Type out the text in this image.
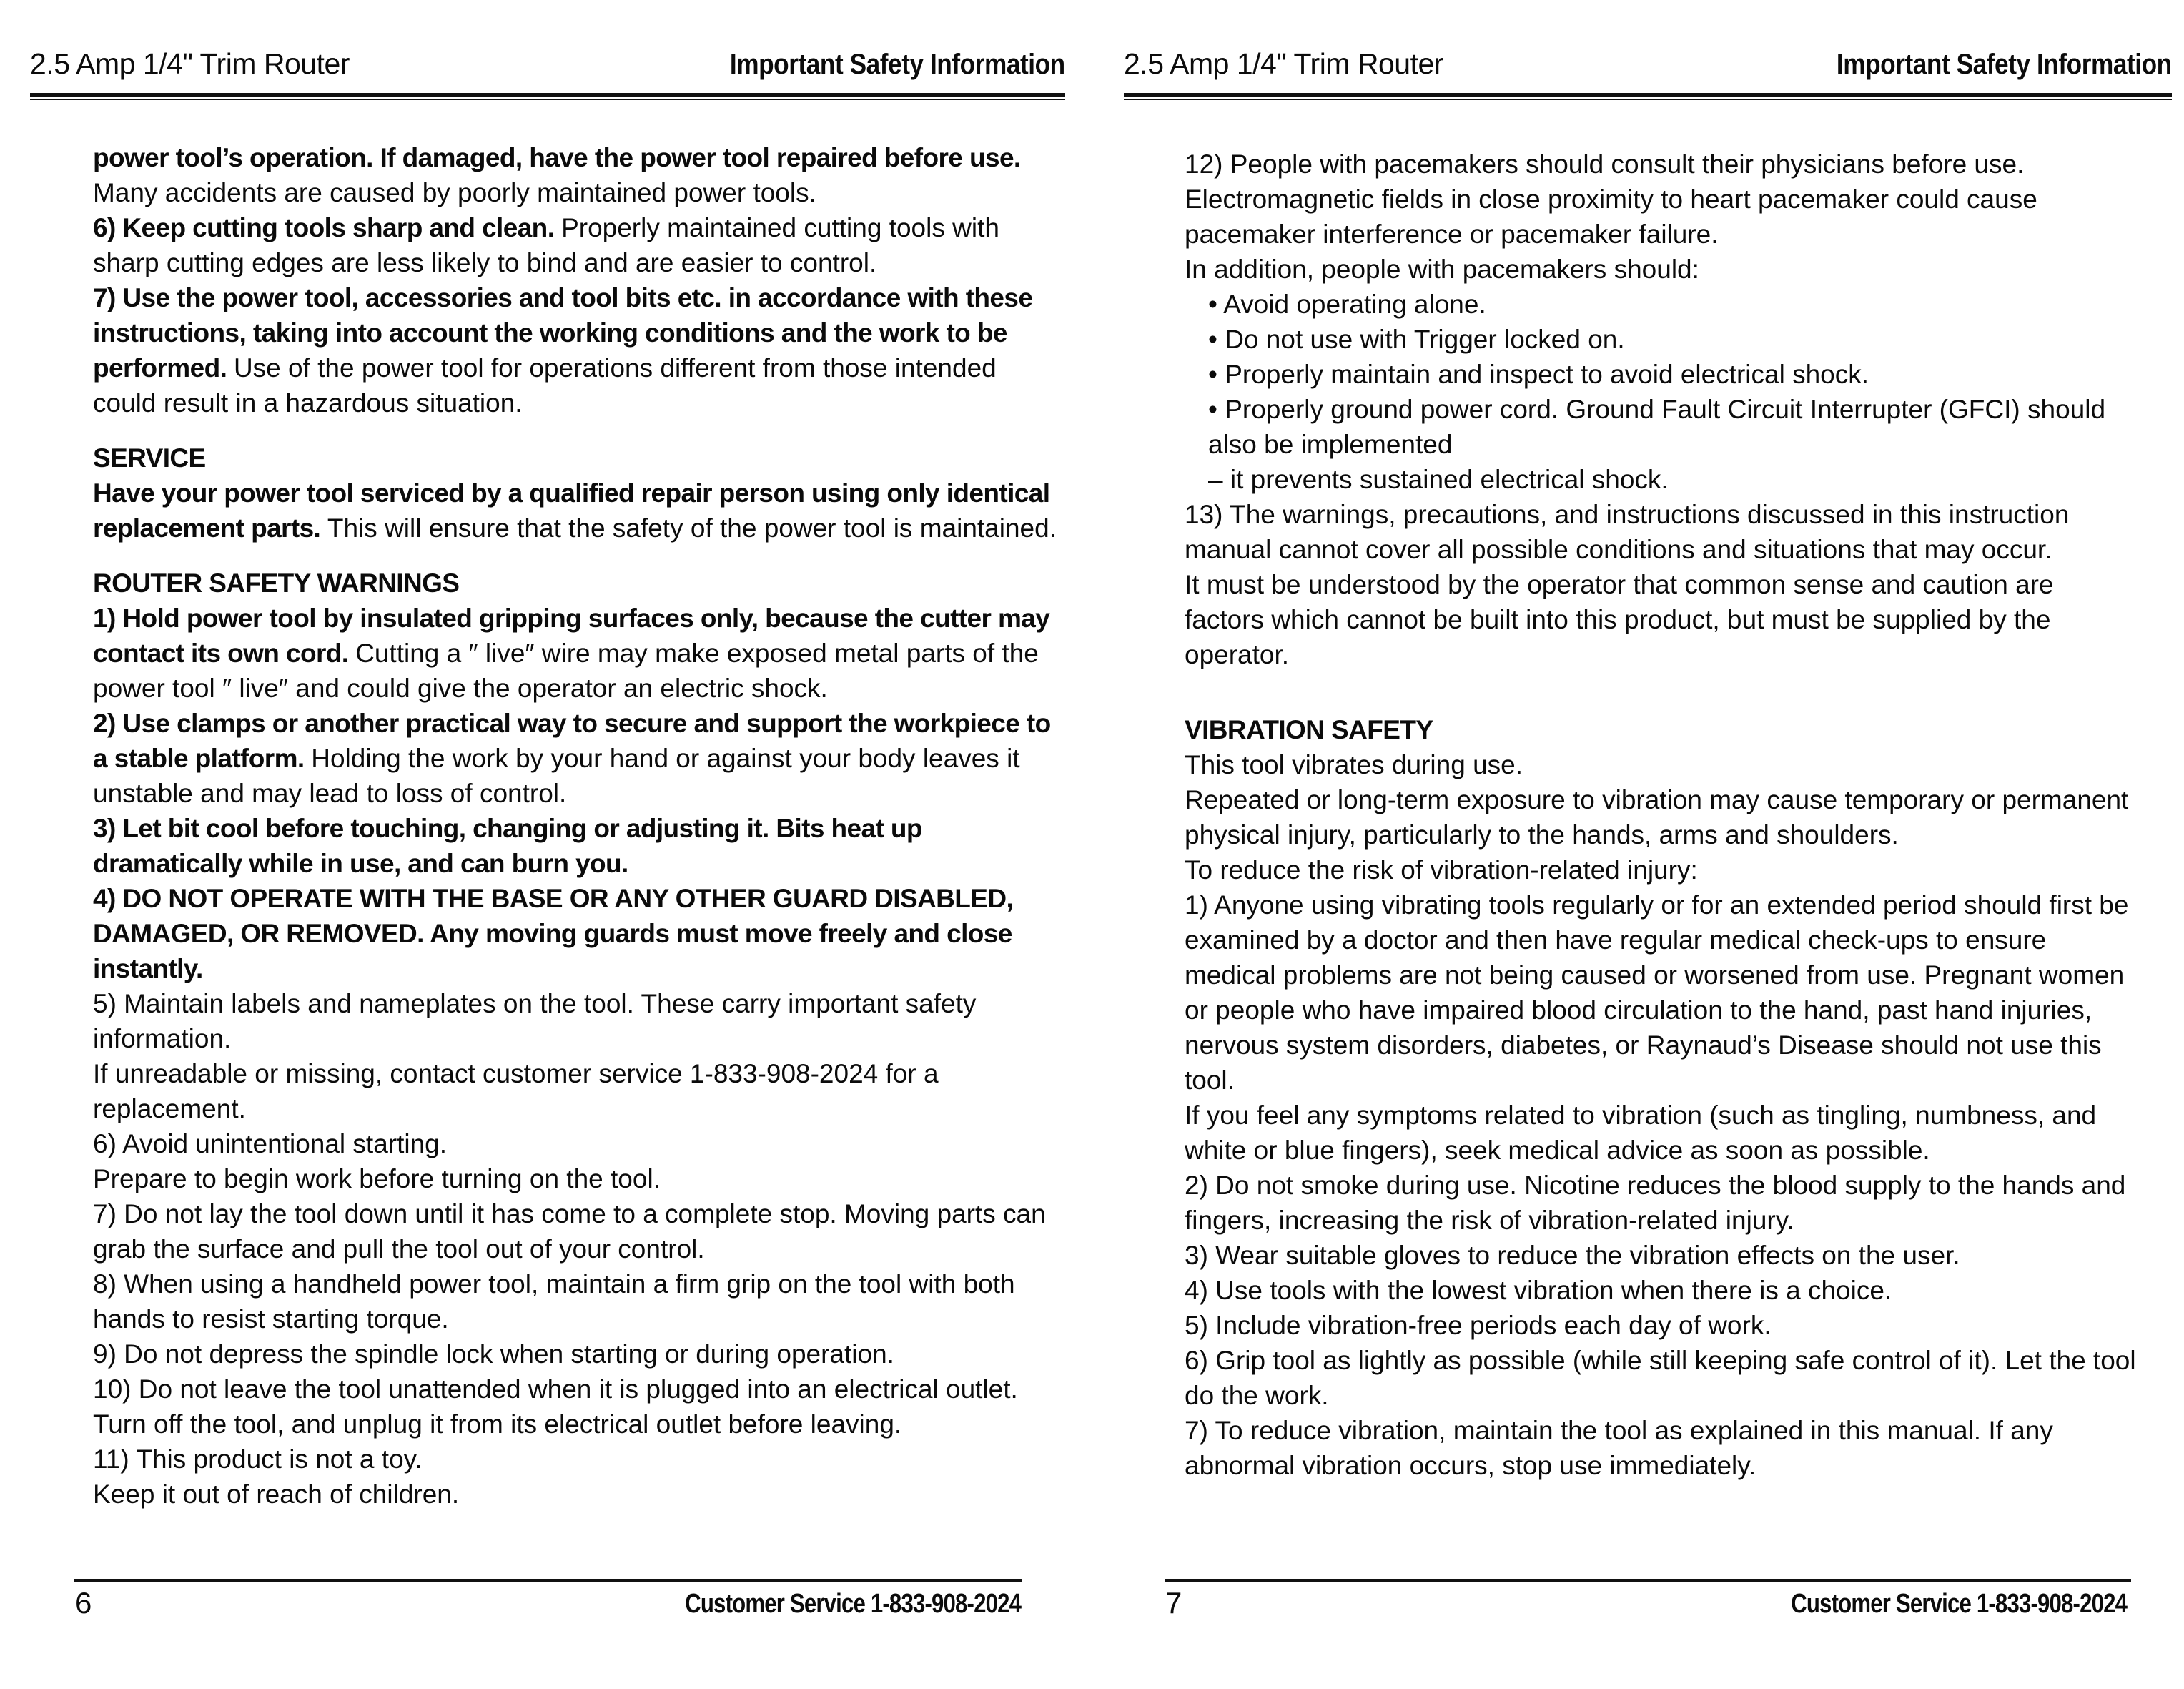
2.5 Amp 1/4" Trim Router	Important Safety Information

power tool’s operation. If damaged, have the power tool repaired before use. Many accidents are caused by poorly maintained power tools.

6) Keep cutting tools sharp and clean. Properly maintained cutting tools with sharp cutting edges are less likely to bind and are easier to control.

7) Use the power tool, accessories and tool bits etc. in accordance with these instructions, taking into account the working conditions and the work to be performed. Use of the power tool for operations different from those intended could result in a hazardous situation.

SERVICE

Have your power tool serviced by a qualified repair person using only identical replacement parts. This will ensure that the safety of the power tool is maintained.

ROUTER SAFETY WARNINGS

1) Hold power tool by insulated gripping surfaces only, because the cutter may contact its own cord. Cutting a ″ live″ wire may make exposed metal parts of the power tool ″ live″ and could give the operator an electric shock.

2) Use clamps or another practical way to secure and support the workpiece to a stable platform. Holding the work by your hand or against your body leaves it unstable and may lead to loss of control.

3) Let bit cool before touching, changing or adjusting it. Bits heat up dramatically while in use, and can burn you.

4) DO NOT OPERATE WITH THE BASE OR ANY OTHER GUARD DISABLED, DAMAGED, OR REMOVED. Any moving guards must move freely and close instantly.

5) Maintain labels and nameplates on the tool. These carry important safety information.

If unreadable or missing, contact customer service 1-833-908-2024 for a replacement.

6) Avoid unintentional starting.

Prepare to begin work before turning on the tool.

7) Do not lay the tool down until it has come to a complete stop. Moving parts can grab the surface and pull the tool out of your control.

8) When using a handheld power tool, maintain a firm grip on the tool with both hands to resist starting torque.

9) Do not depress the spindle lock when starting or during operation.

10) Do not leave the tool unattended when it is plugged into an electrical outlet. Turn off the tool, and unplug it from its electrical outlet before leaving.

11) This product is not a toy.

Keep it out of reach of children.

6	Customer Service 1-833-908-2024
2.5 Amp 1/4" Trim Router	Important Safety Information

12) People with pacemakers should consult their physicians before use.

Electromagnetic fields in close proximity to heart pacemaker could cause pacemaker interference or pacemaker failure.

In addition, people with pacemakers should:

• Avoid operating alone.

• Do not use with Trigger locked on.

• Properly maintain and inspect to avoid electrical shock.

• Properly ground power cord. Ground Fault Circuit Interrupter (GFCI) should also be implemented

– it prevents sustained electrical shock.

13) The warnings, precautions, and instructions discussed in this instruction manual cannot cover all possible conditions and situations that may occur.

It must be understood by the operator that common sense and caution are factors which cannot be built into this product, but must be supplied by the operator.

VIBRATION SAFETY

This tool vibrates during use.

Repeated or long-term exposure to vibration may cause temporary or permanent physical injury, particularly to the hands, arms and shoulders.

To reduce the risk of vibration-related injury:

1) Anyone using vibrating tools regularly or for an extended period should first be examined by a doctor and then have regular medical check-ups to ensure medical problems are not being caused or worsened from use. Pregnant women or people who have impaired blood circulation to the hand, past hand injuries, nervous system disorders, diabetes, or Raynaud’s Disease should not use this tool.

If you feel any symptoms related to vibration (such as tingling, numbness, and white or blue fingers), seek medical advice as soon as possible.

2) Do not smoke during use. Nicotine reduces the blood supply to the hands and fingers, increasing the risk of vibration-related injury.

3) Wear suitable gloves to reduce the vibration effects on the user.

4) Use tools with the lowest vibration when there is a choice.

5) Include vibration-free periods each day of work.

6) Grip tool as lightly as possible (while still keeping safe control of it). Let the tool do the work.

7) To reduce vibration, maintain the tool as explained in this manual. If any abnormal vibration occurs, stop use immediately.

7	Customer Service 1-833-908-2024
